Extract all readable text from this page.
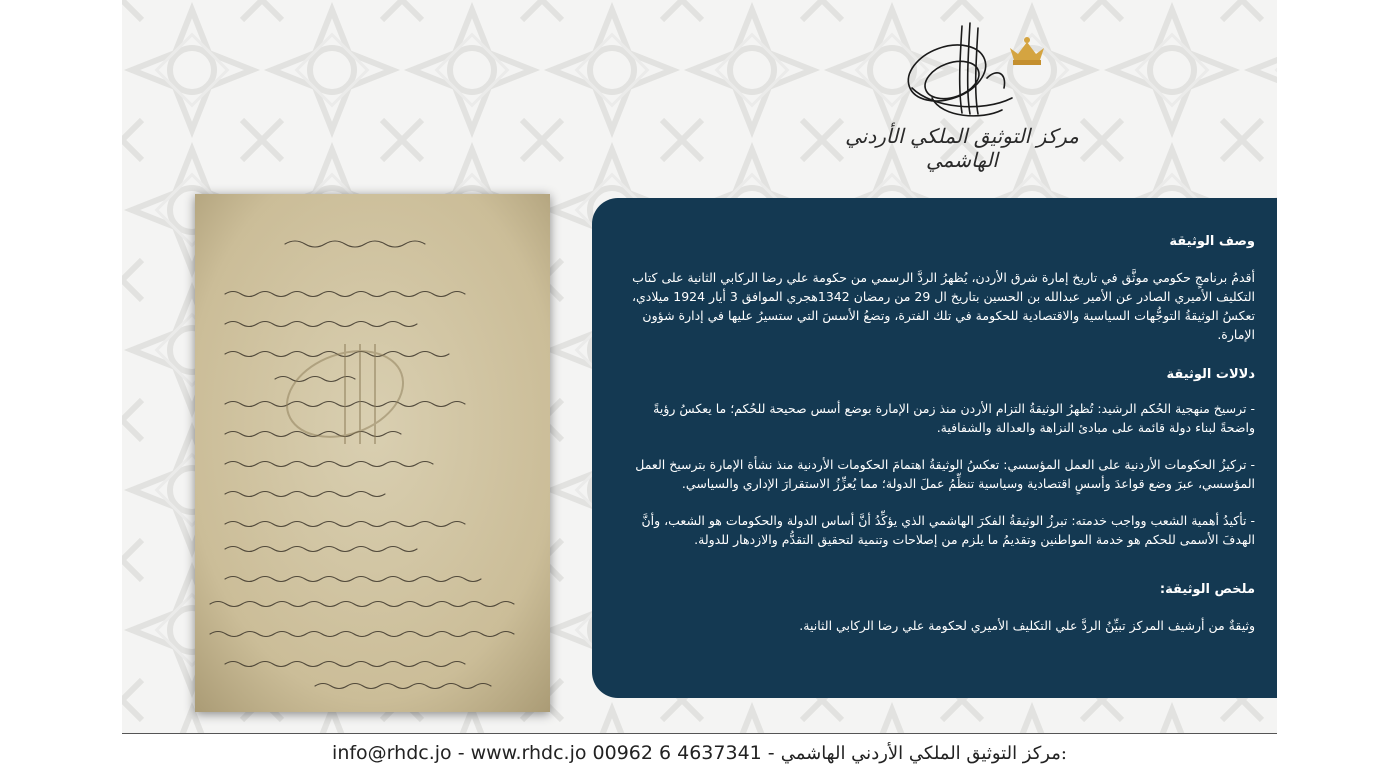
مركز التوثيق الملكي الأردني الهاشمي
وصف الوثيقة

أقدمُ برنامجٍ حكومي موثَّق في تاريخ إمارة شرق الأردن، يُظهرُ الردَّ الرسمي من حكومة علي رضا الركابي الثانية على كتاب التكليف الأميري الصادر عن الأمير عبدالله بن الحسين بتاريخ ال 29 من رمضان 1342هجري الموافق 3 أيار 1924 ميلادي، تعكسُ الوثيقةُ التوجُّهات السياسية والاقتصادية للحكومة في تلك الفترة، وتضعُ الأسسَ التي ستسيرُ عليها في إدارة شؤون الإمارة.

دلالات الوثيقة

- ترسيخ منهجية الحُكم الرشيد: تُظهرُ الوثيقةُ التزام الأردن منذ زمن الإمارة بوضع أسس صحيحة للحُكم؛ ما يعكسُ رؤيةً واضحةً لبناء دولة قائمة على مبادئ النزاهة والعدالة والشفافية.

- تركيزُ الحكومات الأردنية على العمل المؤسسي: تعكسُ الوثيقةُ اهتمامَ الحكومات الأردنية منذ نشأة الإمارة بترسيخ العمل المؤسسي، عبرَ وضع قواعدَ وأسسٍ اقتصادية وسياسية تنظِّمُ عملَ الدولة؛ مما يُعزِّزُ الاستقرارَ الإداري والسياسي.

- تأكيدُ أهمية الشعب وواجب خدمته: تبرزُ الوثيقةُ الفكرَ الهاشمي الذي يؤكِّدُ أنَّ أساس الدولة والحكومات هو الشعب، وأنَّ الهدفَ الأسمى للحكم هو خدمة المواطنين وتقديمُ ما يلزم من إصلاحات وتنمية لتحقيق التقدُّم والازدهار للدولة.

ملخص الوثيقة:

وثيقةٌ من أرشيف المركز تبيِّنُ الردَّ علي التكليف الأميري لحكومة علي رضا الركابي الثانية.

info@rhdc.jo - www.rhdc.jo 00962 6 4637341 - مركز التوثيق الملكي الأردني الهاشمي:
